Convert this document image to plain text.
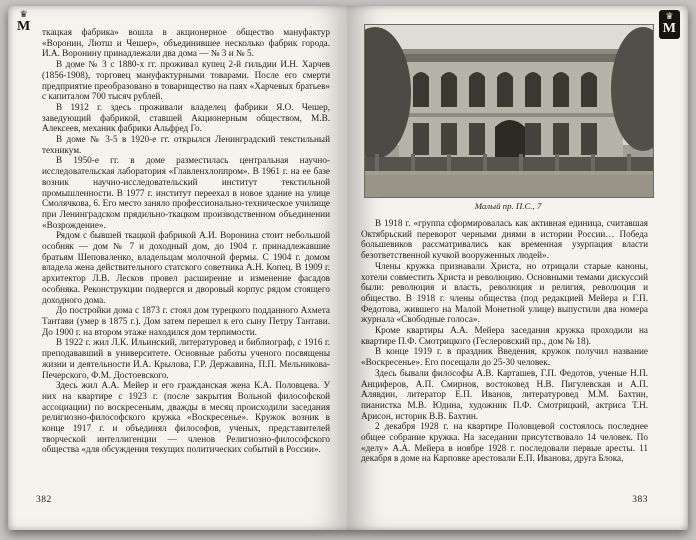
♛
М ткацкая фабрика» вошла в акционерное общество мануфактур «Воронин, Лютш и Чешер», объединившее несколько фабрик города. И.А. Воронину принадлежали два дома — № 3 и № 5.

В доме № 3 с 1880-х гг. проживал купец 2-й гильдии И.Н. Харчев (1856-1908), торговец мануфактурными товарами. После его смерти предприятие преобразовано в товарищество на паях «Харчевых братьев» с капиталом 700 тысяч рублей.

В 1912 г. здесь проживали владелец фабрики Я.О. Чешер, заведующий фабрикой, ставшей Акционерным обществом, М.В. Алексеев, механик фабрики Альфред Го.

В доме № 3-5 в 1920-е гг. открылся Ленинградский текстильный техникум.

В 1950-е гг. в доме разместилась центральная научно-исследовательская лаборатория «Главленхлоппром». В 1961 г. на ее базе возник научно-исследовательский институт текстильной промышленности. В 1977 г. институт переехал в новое здание на улице Смолячкова, 6. Его место заняло профессионально-техническое училище при Ленинградском прядильно-ткацком производственном объединении «Возрождение».

Рядом с бывшей ткацкой фабрикой А.И. Воронина стоит небольшой особняк — дом № 7 и доходный дом, до 1904 г. принадлежавшие братьям Шеповаленко, владельцам молочной фермы. С 1904 г. домом владела жена действительного статского советника А.Н. Копец. В 1909 г. архитектор Л.В. Лесков провел расширение и изменение фасадов особняка. Реконструкции подвергся и дворовый корпус рядом стоящего доходного дома.

До постройки дома с 1873 г. стоял дом турецкого подданного Ахмета Тантави (умер в 1875 г.). Дом затем перешел к его сыну Петру Тантави. До 1900 г. на втором этаже находился дом терпимости.

В 1922 г. жил Л.К. Ильинский, литературовед и библиограф, с 1916 г. преподававший в университете. Основные работы ученого посвящены жизни и деятельности И.А. Крылова, Г.Р. Державина, П.П. Мельникова-Печерского, Ф.М. Достоевского.

Здесь жил А.А. Мейер и его гражданская жена К.А. Половцева. У них на квартире с 1923 г. (после закрытия Вольной философской ассоциации) по воскресеньям, дважды в месяц происходили заседания религиозно-философского кружка «Воскресенье». Кружок возник в конце 1917 г. и объединял философов, ученых, представителей творческой интеллигенции — членов Религиозно-философского общества «для обсуждения текущих политических событий в России».

382
♛
М
Малый пр. П.С., 7

В 1918 г. «группа сформировалась как активная единица, считавшая Октябрьский переворот черными днями в истории России… Победа большевиков рассматривались как временная узурпация власти безответственной кучкой вооруженных людей».

Члены кружка признавали Христа, но отрицали старые каноны, хотели совместить Христа и революцию. Основными темами дискуссий были: революция и власть, революция и религия, революция и общество. В 1918 г. члены общества (под редакцией Мейера и Г.П. Федотова, жившего на Малой Монетной улице) выпустили два номера журнала «Свободные голоса».

Кроме квартиры А.А. Мейера заседания кружка проходили на квартире П.Ф. Смотрицкого (Геслеровский пр., дом № 18).

В конце 1919 г. в праздник Введения, кружок получил название «Воскресенье». Его посещали до 25-30 человек.

Здесь бывали философы А.В. Карташев, Г.П. Федотов, ученые Н.П. Анциферов, А.П. Смирнов, востоковед Н.В. Пигулевская и А.П. Алявдин, литератор Е.П. Иванов, литературовед М.М. Бахтин, пианистка М.В. Юдина, художник П.Ф. Смотрицкий, актриса Т.Н. Арисон, историк В.В. Бахтин.

2 декабря 1928 г. на квартире Половцевой состоялось последнее общее собрание кружка. На заседании присутствовало 14 человек. По «делу» А.А. Мейера в ноябре 1928 г. последовали первые аресты. 11 декабря в доме на Карповке арестовали Е.П. Иванова, друга Блока,

383
